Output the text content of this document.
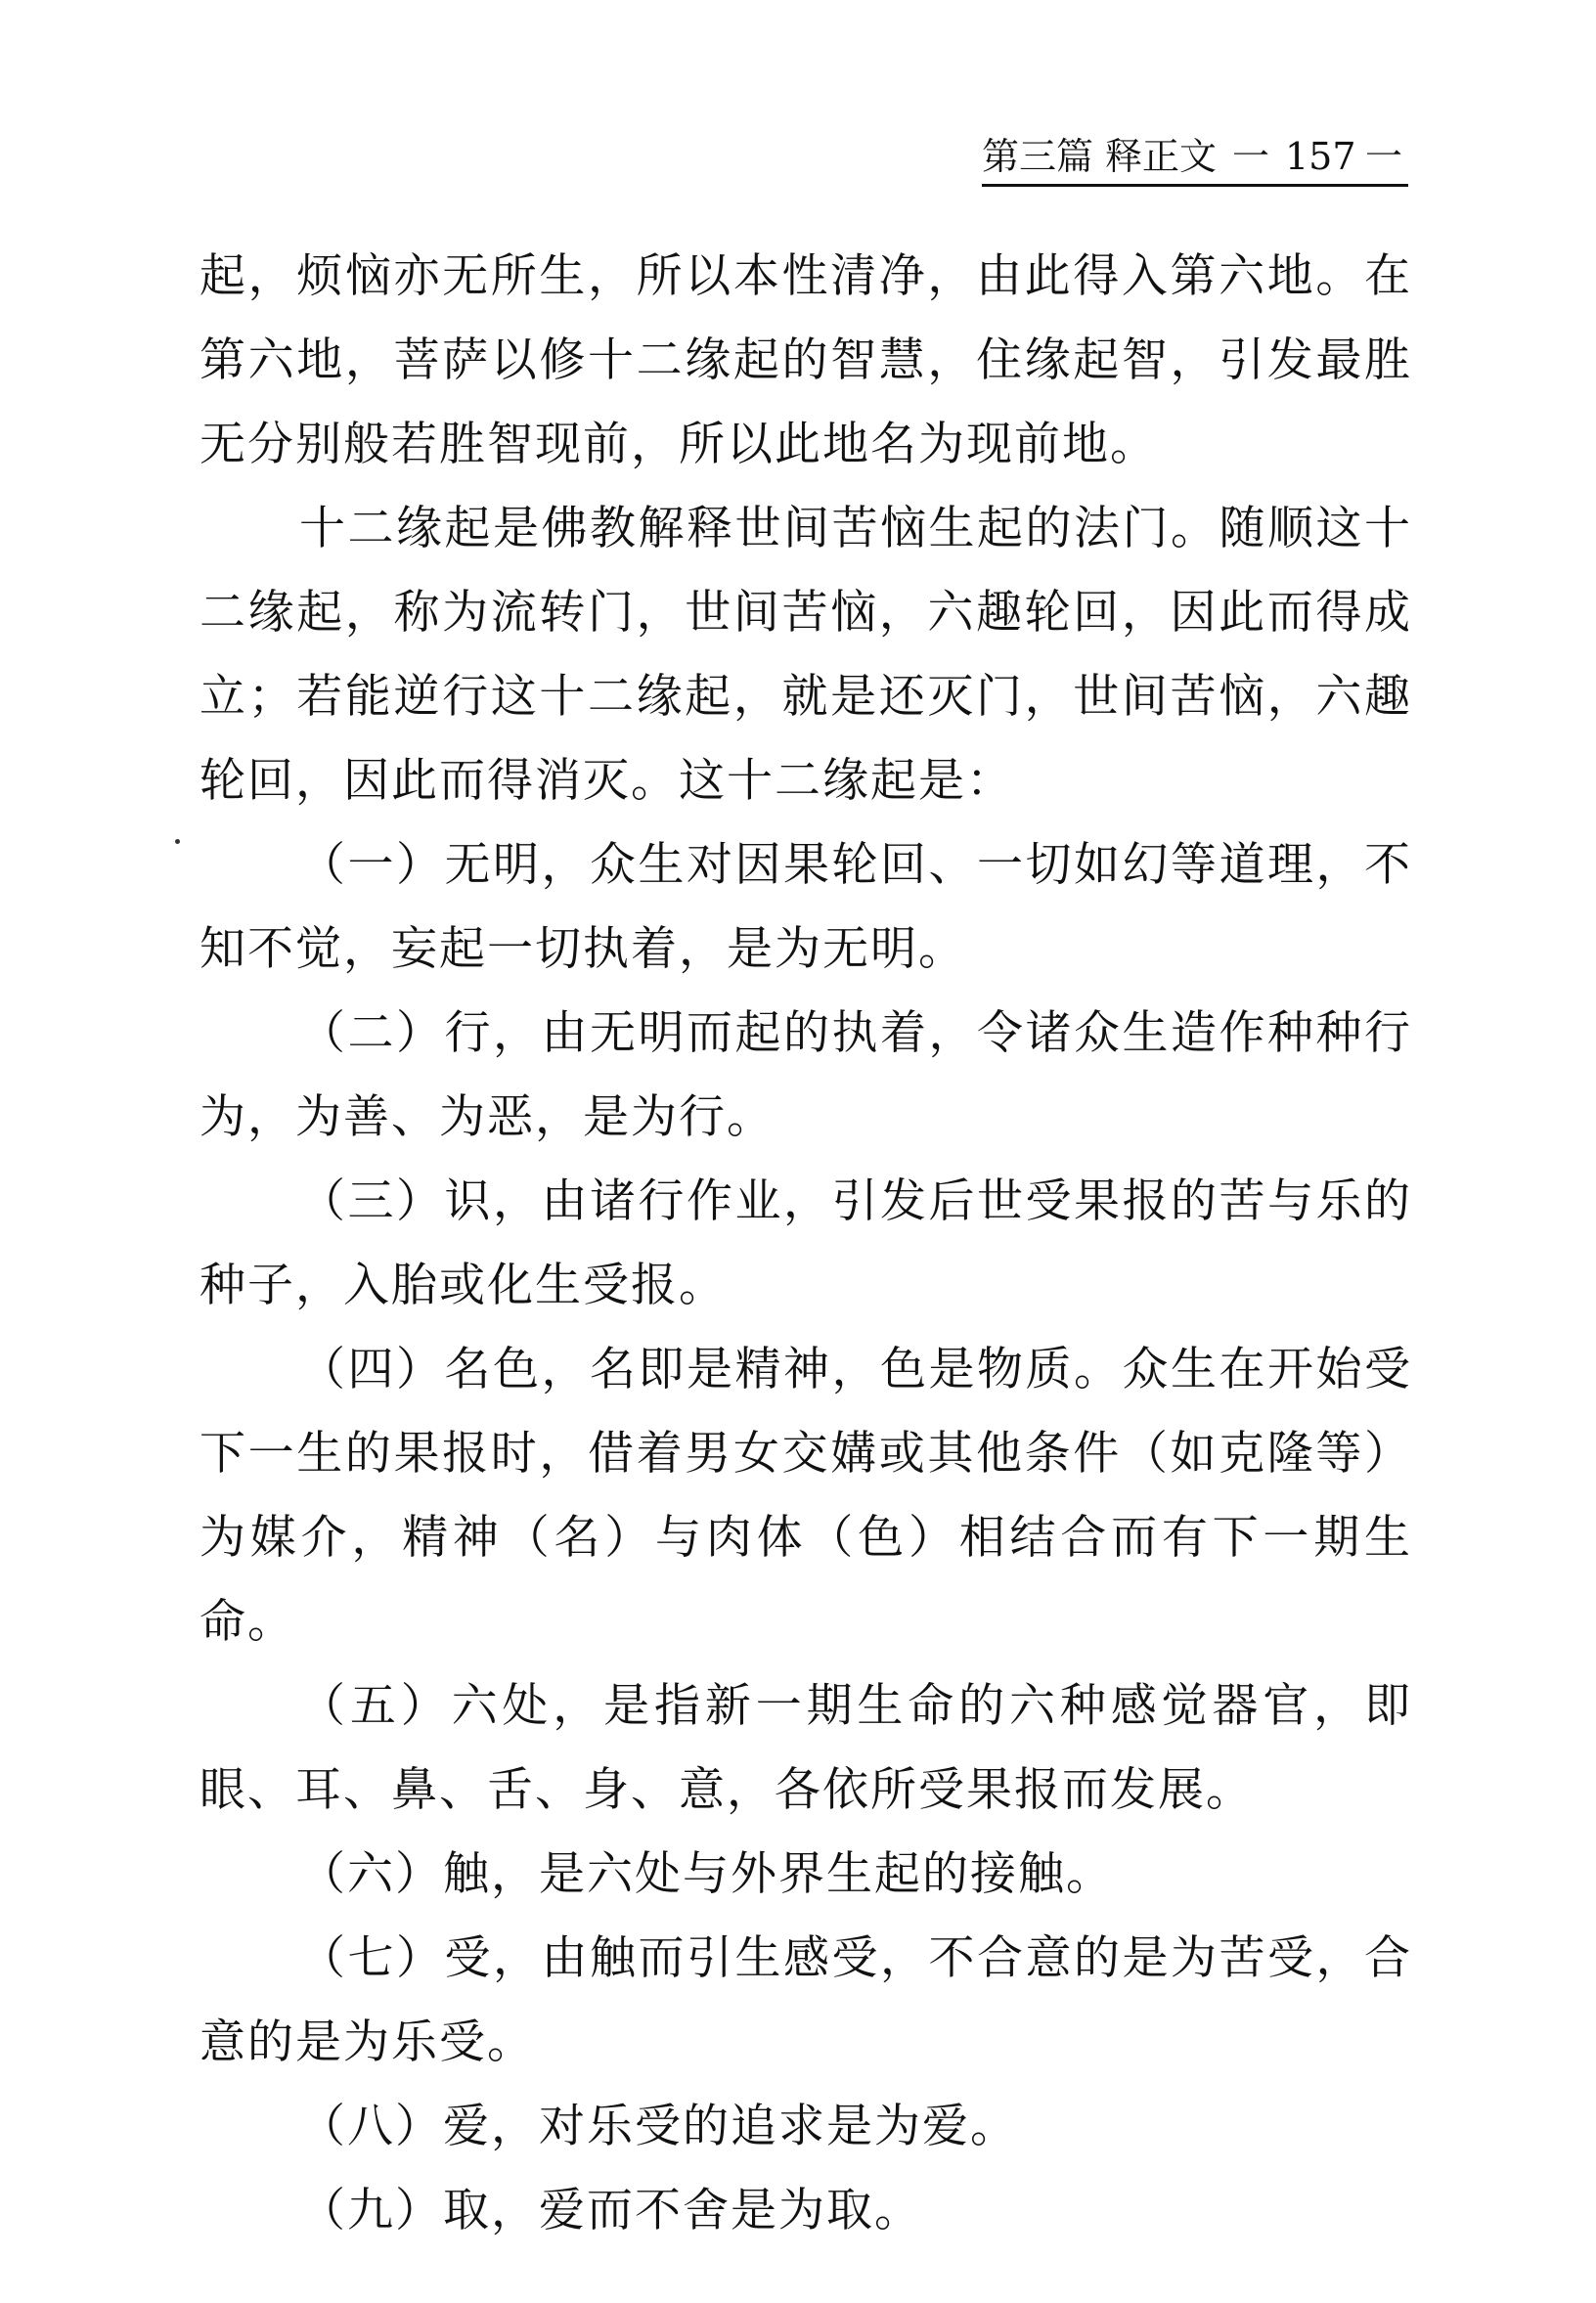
第三篇 释正文 一 157 一

起，烦恼亦无所生，所以本性清净，由此得入第六地。在第六地，菩萨以修十二缘起的智慧，住缘起智，引发最胜无分别般若胜智现前，所以此地名为现前地。

十二缘起是佛教解释世间苦恼生起的法门。随顺这十二缘起，称为流转门，世间苦恼，六趣轮回，因此而得成立；若能逆行这十二缘起，就是还灭门，世间苦恼，六趣轮回，因此而得消灭。这十二缘起是：

（一）无明，众生对因果轮回、一切如幻等道理，不知不觉，妄起一切执着，是为无明。

（二）行，由无明而起的执着，令诸众生造作种种行为，为善、为恶，是为行。

（三）识，由诸行作业，引发后世受果报的苦与乐的种子，入胎或化生受报。

（四）名色，名即是精神，色是物质。众生在开始受下一生的果报时，借着男女交媾或其他条件（如克隆等）为媒介，精神（名）与肉体（色）相结合而有下一期生命。

（五）六处，是指新一期生命的六种感觉器官，即眼、耳、鼻、舌、身、意，各依所受果报而发展。

（六）触，是六处与外界生起的接触。

（七）受，由触而引生感受，不合意的是为苦受，合意的是为乐受。

（八）爱，对乐受的追求是为爱。

（九）取，爱而不舍是为取。
